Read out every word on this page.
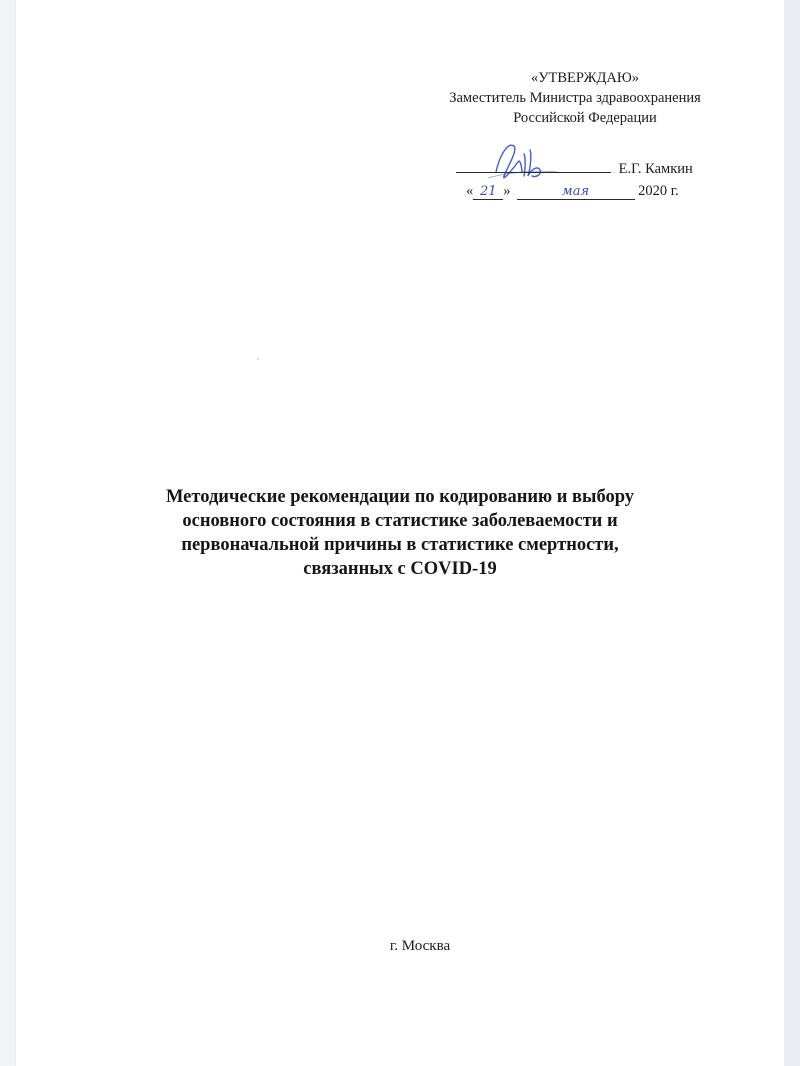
«УТВЕРЖДАЮ»
Заместитель Министра здравоохранения
Российской Федерации
Е.Г. Камкин
« 21 »	мая	2020 г.
Методические рекомендации по кодированию и выбору
основного состояния в статистике заболеваемости и
первоначальной причины в статистике смертности,
связанных с COVID-19
г. Москва
